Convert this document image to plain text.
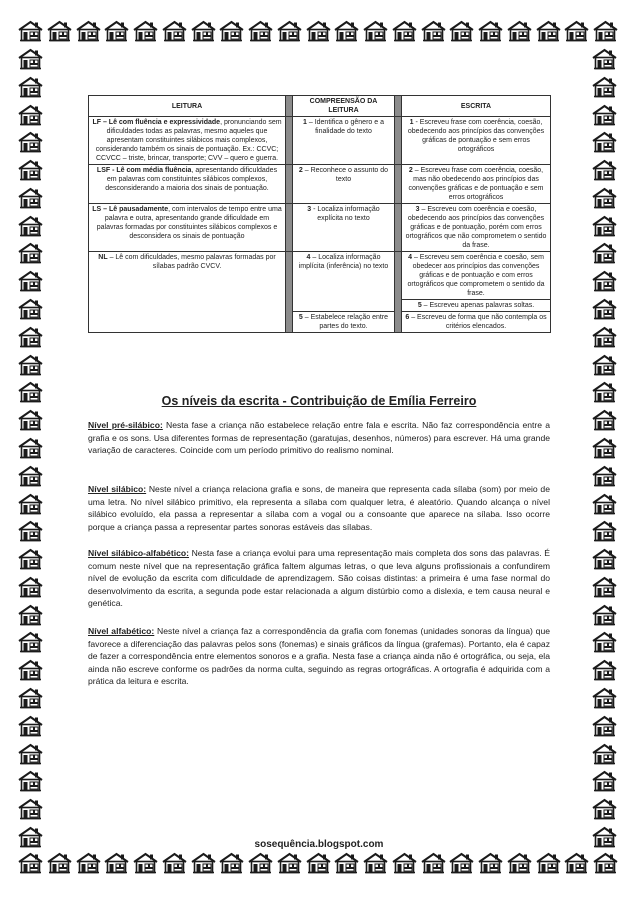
LEITURA		COMPREENSÃO DA LEITURA		ESCRITA
LF – Lê com fluência e expressividade, pronunciando sem dificuldades todas as palavras, mesmo aqueles que apresentam constituintes silábicos mais complexos, considerando também os sinais de pontuação. Ex.: CCVC; CCVCC – triste, brincar, transporte; CVV – quero e guerra.		1 – Identifica o gênero e a finalidade do texto		1 - Escreveu frase com coerência, coesão, obedecendo aos princípios das convenções gráficas de pontuação e sem erros ortográficos
LSF - Lê com média fluência, apresentando dificuldades em palavras com constituintes silábicos complexos, desconsiderando a maioria dos sinais de pontuação.		2 – Reconhece o assunto do texto		2 – Escreveu frase com coerência, coesão, mas não obedecendo aos princípios das convenções gráficas e de pontuação e sem erros ortográficos
LS – Lê pausadamente, com intervalos de tempo entre uma palavra e outra, apresentando grande dificuldade em palavras formadas por constituintes silábicos complexos e desconsidera os sinais de pontuação		3 - Localiza informação explícita no texto		3 – Escreveu com coerência e coesão, obedecendo aos princípios das convenções gráficas e de pontuação, porém com erros ortográficos que não comprometem o sentido da frase.
NL – Lê com dificuldades, mesmo palavras formadas por sílabas padrão CVCV.		4 – Localiza informação implícita (inferência) no texto		4 – Escreveu sem coerência e coesão, sem obedecer aos princípios das convenções gráficas e de pontuação e com erros ortográficos que comprometem o sentido da frase.
				5 – Escreveu apenas palavras soltas.
		5 – Estabelece relação entre partes do texto.		6 – Escreveu de forma que não contempla os critérios elencados.
Os níveis da escrita - Contribuição de Emília Ferreiro

Nível pré-silábico: Nesta fase a criança não estabelece relação entre fala e escrita. Não faz correspondência entre a grafia e os sons. Usa diferentes formas de representação (garatujas, desenhos, números) para escrever. Há uma grande variação de caracteres. Coincide com um período primitivo do realismo nominal.

Nível silábico: Neste nível a criança relaciona grafia e sons, de maneira que representa cada sílaba (som) por meio de uma letra. No nível silábico primitivo, ela representa a sílaba com qualquer letra, é aleatório. Quando alcança o nível silábico evoluído, ela passa a representar a sílaba com a vogal ou a consoante que aparece na sílaba. Isso ocorre porque a criança passa a representar partes sonoras estáveis das sílabas.

Nível silábico-alfabético: Nesta fase a criança evolui para uma representação mais completa dos sons das palavras. É comum neste nível que na representação gráfica faltem algumas letras, o que leva alguns profissionais a confundirem nível de evolução da escrita com dificuldade de aprendizagem. São coisas distintas: a primeira é uma fase normal do desenvolvimento da escrita, a segunda pode estar relacionada a algum distúrbio como a dislexia, e tem causa neural e genética.

Nível alfabético: Neste nível a criança faz a correspondência da grafia com fonemas (unidades sonoras da língua) que favorece a diferenciação das palavras pelos sons (fonemas) e sinais gráficos da língua (grafemas). Portanto, ela é capaz de fazer a correspondência entre elementos sonoros e a grafia. Nesta fase a criança ainda não é ortográfica, ou seja, ela ainda não escreve conforme os padrões da norma culta, seguindo as regras ortográficas. A ortografia é adquirida com a prática da leitura e escrita.

sosequência.blogspot.com
